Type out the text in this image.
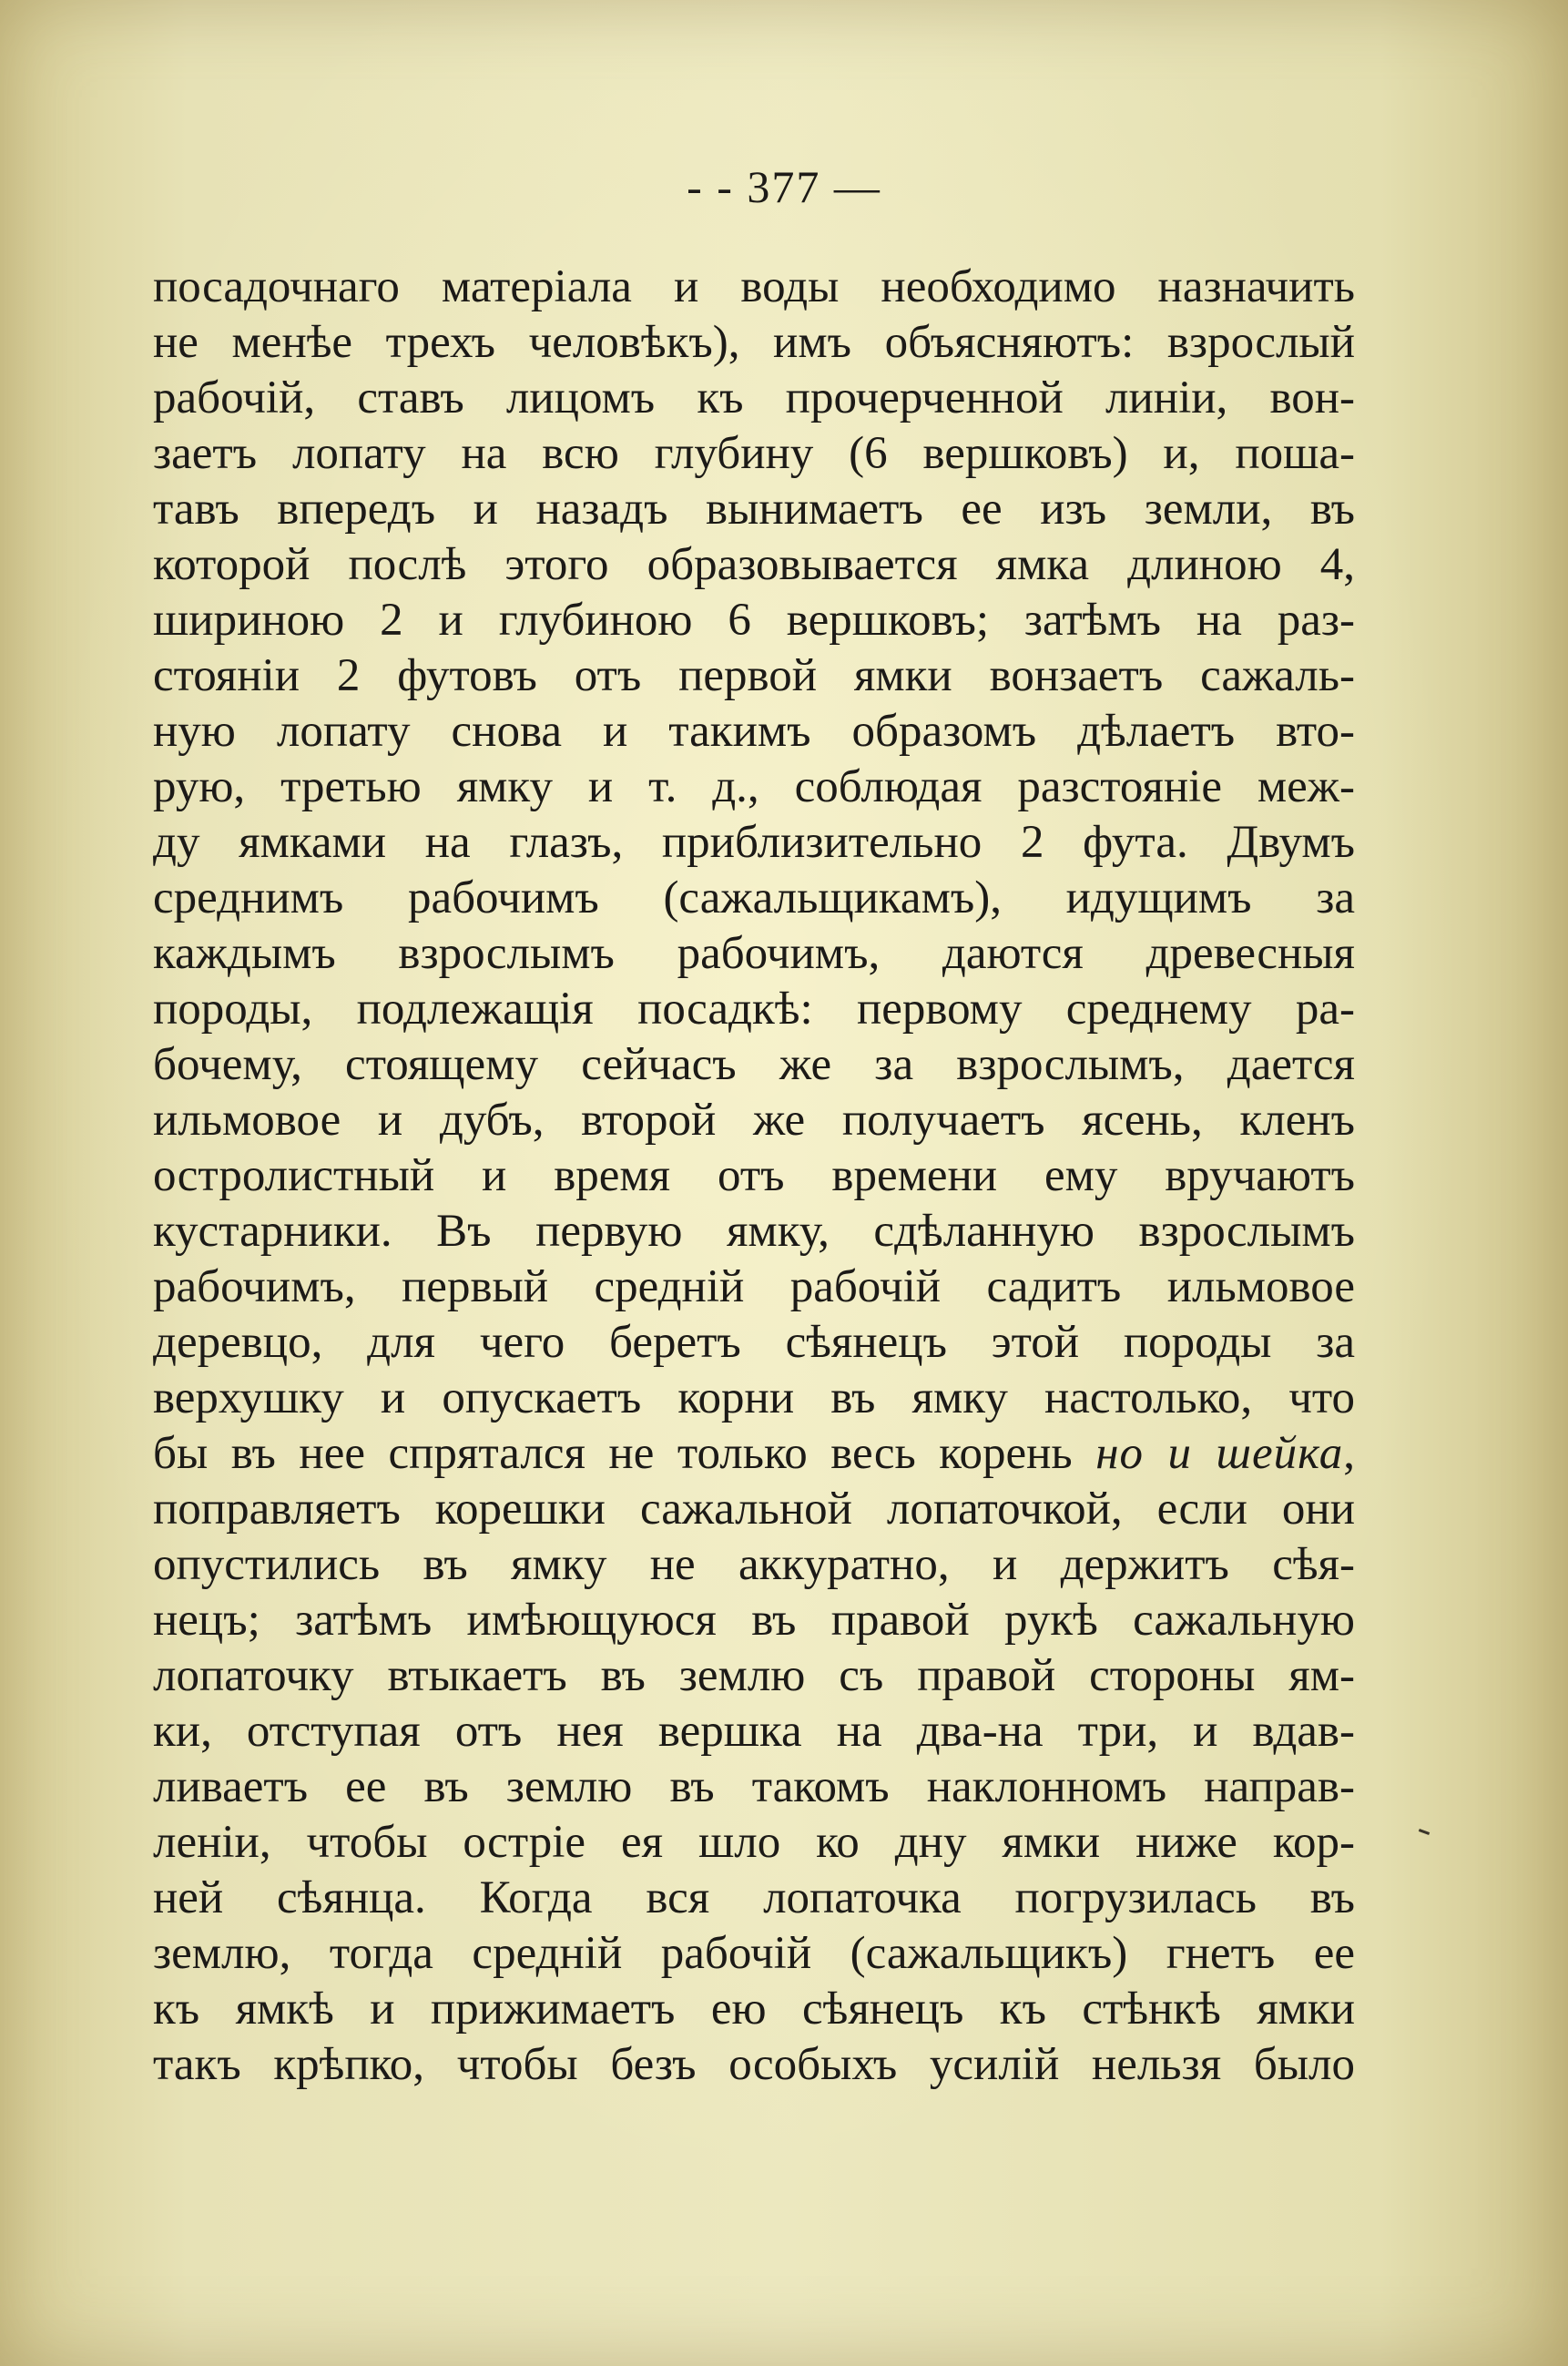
- - 377 —

посадочнаго матеріала и воды необходимо назначить
не менѣе трехъ человѣкъ), имъ объясняютъ: взрослый
рабочій, ставъ лицомъ къ прочерченной линіи, вон-
заетъ лопату на всю глубину (6 вершковъ) и, поша-
тавъ впередъ и назадъ вынимаетъ ее изъ земли, въ
которой послѣ этого образовывается ямка длиною 4,
шириною 2 и глубиною 6 вершковъ; затѣмъ на раз-
стояніи 2 футовъ отъ первой ямки вонзаетъ сажаль-
ную лопату снова и такимъ образомъ дѣлаетъ вто-
рую, третью ямку и т. д., соблюдая разстояніе меж-
ду ямками на глазъ, приблизительно 2 фута. Двумъ
среднимъ рабочимъ (сажальщикамъ), идущимъ за
каждымъ взрослымъ рабочимъ, даются древесныя
породы, подлежащія посадкѣ: первому среднему ра-
бочему, стоящему сейчасъ же за взрослымъ, дается
ильмовое и дубъ, второй же получаетъ ясень, кленъ
остролистный и время отъ времени ему вручаютъ
кустарники. Въ первую ямку, сдѣланную взрослымъ
рабочимъ, первый средній рабочій садитъ ильмовое
деревцо, для чего беретъ сѣянецъ этой породы за
верхушку и опускаетъ корни въ ямку настолько, что
бы въ нее спрятался не только весь корень но и шейка,
поправляетъ корешки сажальной лопаточкой, если они
опустились въ ямку не аккуратно, и держитъ сѣя-
нецъ; затѣмъ имѣющуюся въ правой рукѣ сажальную
лопаточку втыкаетъ въ землю съ правой стороны ям-
ки, отступая отъ нея вершка на два-на три, и вдав-
ливаетъ ее въ землю въ такомъ наклонномъ направ-
леніи, чтобы остріе ея шло ко дну ямки ниже кор-
ней сѣянца. Когда вся лопаточка погрузилась въ
землю, тогда средній рабочій (сажальщикъ) гнетъ ее
къ ямкѣ и прижимаетъ ею сѣянецъ къ стѣнкѣ ямки
такъ крѣпко, чтобы безъ особыхъ усилій нельзя было
